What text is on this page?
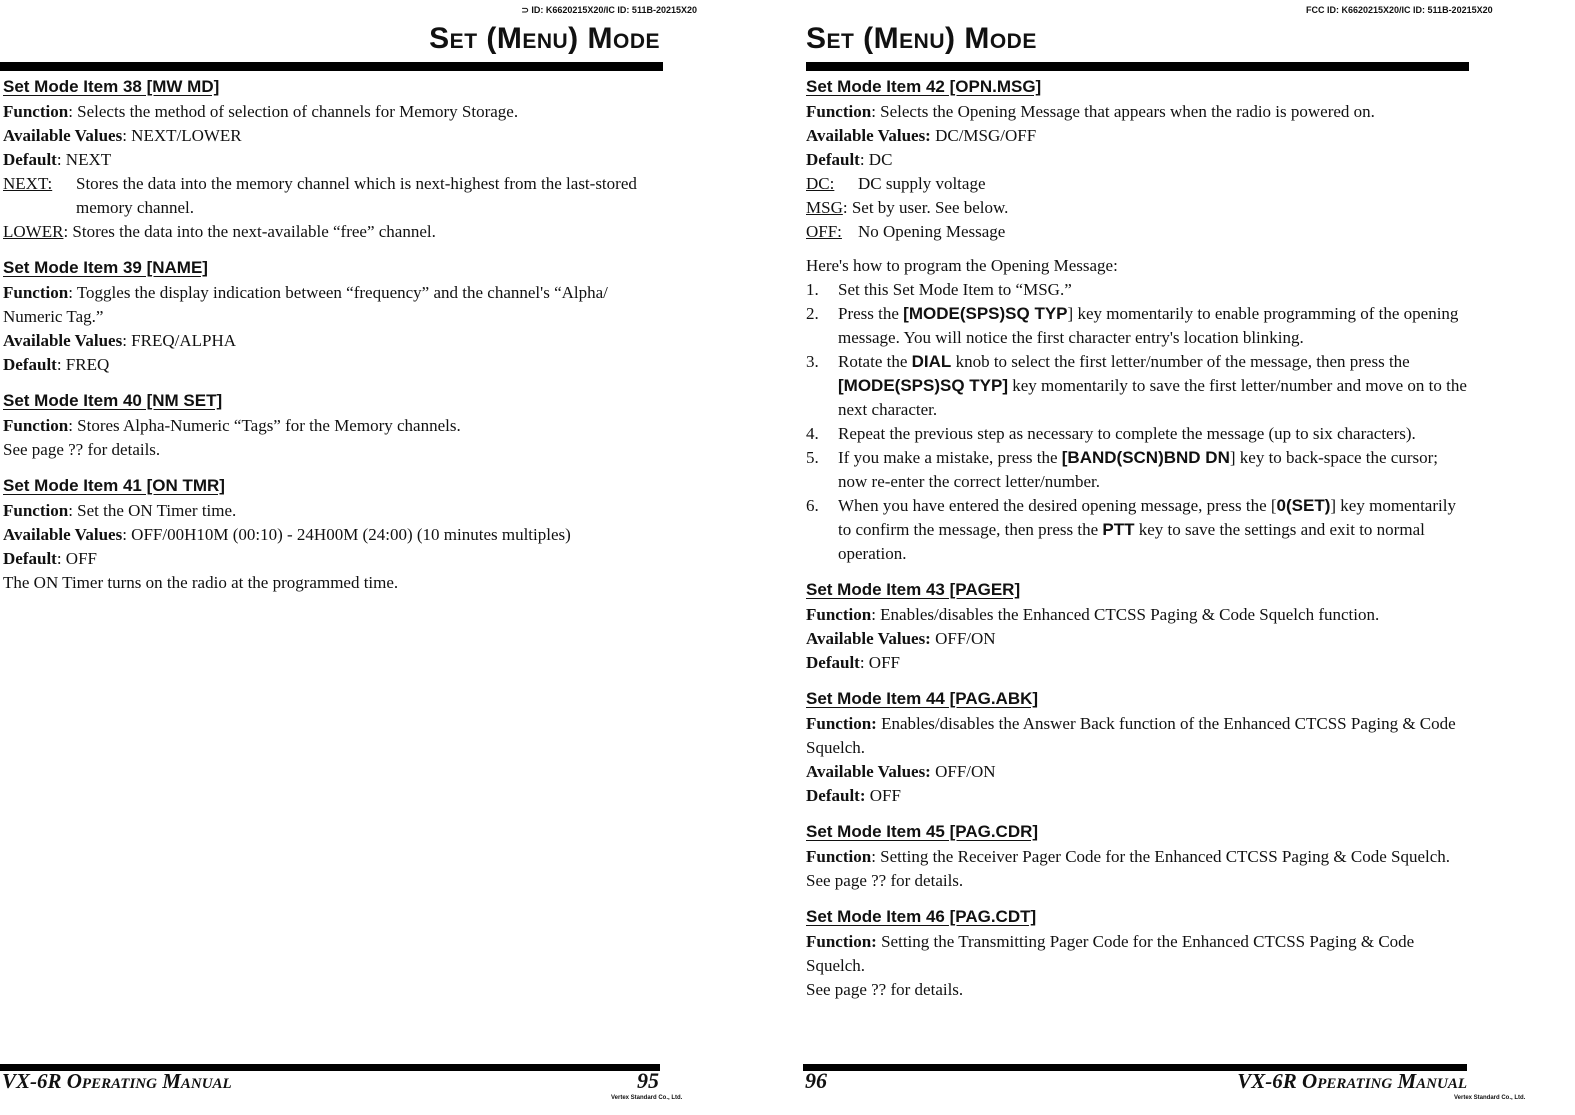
⊃ ID: K6620215X20/IC ID: 511B-20215X20
Set (Menu) Mode
Set Mode Item 38 [MW MD]
Function: Selects the method of selection of channels for Memory Storage.
Available Values: NEXT/LOWER
Default: NEXT
NEXT:	Stores the data into the memory channel which is next-highest from the last-stored memory channel.
LOWER : Stores the data into the next-available “free” channel.
Set Mode Item 39 [NAME]
Function: Toggles the display indication between “frequency” and the channel's “Alpha/ Numeric Tag.”
Available Values: FREQ/ALPHA
Default: FREQ
Set Mode Item 40 [NM SET]
Function: Stores Alpha-Numeric “Tags” for the Memory channels.
See page ?? for details.
Set Mode Item 41 [ON TMR]
Function: Set the ON Timer time.
Available Values: OFF/00H10M (00:10) - 24H00M (24:00) (10 minutes multiples)
Default: OFF
The ON Timer turns on the radio at the programmed time.
VX-6R Operating Manual	95
Vertex Standard Co., Ltd.
FCC ID: K6620215X20/IC ID: 511B-20215X20
Set (Menu) Mode
Set Mode Item 42 [OPN.MSG]
Function: Selects the Opening Message that appears when the radio is powered on.
Available Values: DC/MSG/OFF
Default: DC
DC:	DC supply voltage
MSG : Set by user. See below.
OFF: No Opening Message
Here's how to program the Opening Message:
1.	Set this Set Mode Item to “MSG.”
2.	Press the [MODE(SPS)SQ TYP] key momentarily to enable programming of the opening message. You will notice the first character entry's location blinking.
3.	Rotate the DIAL knob to select the first letter/number of the message, then press the [MODE(SPS)SQ TYP] key momentarily to save the first letter/number and move on to the next character.
4.	Repeat the previous step as necessary to complete the message (up to six characters).
5.	If you make a mistake, press the [BAND(SCN)BND DN] key to back-space the cursor; now re-enter the correct letter/number.
6.	When you have entered the desired opening message, press the [0(SET)] key momentarily to confirm the message, then press the PTT key to save the settings and exit to normal operation.
Set Mode Item 43 [PAGER]
Function: Enables/disables the Enhanced CTCSS Paging & Code Squelch function.
Available Values: OFF/ON
Default: OFF
Set Mode Item 44 [PAG.ABK]
Function: Enables/disables the Answer Back function of the Enhanced CTCSS Paging & Code Squelch.
Available Values: OFF/ON
Default: OFF
Set Mode Item 45 [PAG.CDR]
Function: Setting the Receiver Pager Code for the Enhanced CTCSS Paging & Code Squelch.
See page ?? for details.
Set Mode Item 46 [PAG.CDT]
Function: Setting the Transmitting Pager Code for the Enhanced CTCSS Paging & Code Squelch.
See page ?? for details.
96	VX-6R Operating Manual
Vertex Standard Co., Ltd.
